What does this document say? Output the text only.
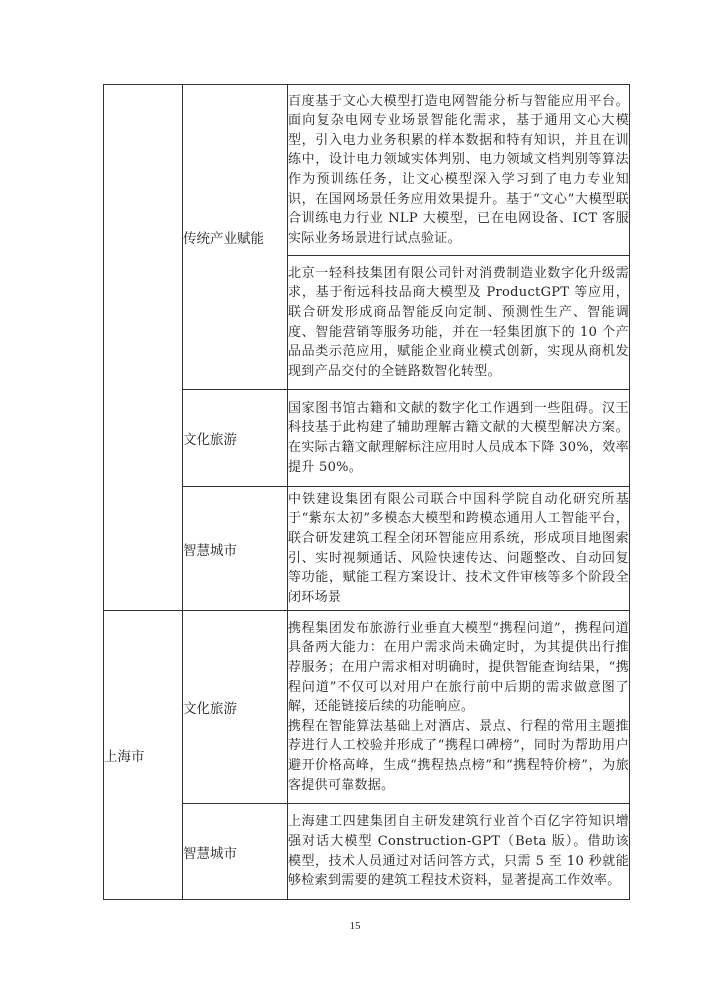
	传统产业赋能	百度基于文心大模型打造电网智能分析与智能应用平台。面向复杂电网专业场景智能化需求，基于通用文心大模型，引入电力业务积累的样本数据和特有知识，并且在训练中，设计电力领域实体判别、电力领域文档判别等算法作为预训练任务，让文心模型深入学习到了电力专业知识，在国网场景任务应用效果提升。基于“文心”大模型联合训练电力行业 NLP 大模型，已在电网设备、ICT 客服实际业务场景进行试点验证。

		北京一轻科技集团有限公司针对消费制造业数字化升级需求，基于衔远科技品商大模型及 ProductGPT 等应用，联合研发形成商品智能反向定制、预测性生产、智能调度、智能营销等服务功能，并在一轻集团旗下的 10 个产品品类示范应用，赋能企业商业模式创新，实现从商机发现到产品交付的全链路数智化转型。

	文化旅游	国家图书馆古籍和文献的数字化工作遇到一些阻碍。汉王科技基于此构建了辅助理解古籍文献的大模型解决方案。在实际古籍文献理解标注应用时人员成本下降 30%，效率提升 50%。

	智慧城市	中铁建设集团有限公司联合中国科学院自动化研究所基于“紫东太初”多模态大模型和跨模态通用人工智能平台，联合研发建筑工程全闭环智能应用系统，形成项目地图索引、实时视频通话、风险快速传达、问题整改、自动回复等功能，赋能工程方案设计、技术文件审核等多个阶段全闭环场景

上海市	文化旅游	携程集团发布旅游行业垂直大模型“携程问道”，携程问道具备两大能力：在用户需求尚未确定时，为其提供出行推荐服务；在用户需求相对明确时，提供智能查询结果，“携程问道”不仅可以对用户在旅行前中后期的需求做意图了解，还能链接后续的功能响应。

携程在智能算法基础上对酒店、景点、行程的常用主题推荐进行人工校验并形成了“携程口碑榜”，同时为帮助用户避开价格高峰，生成“携程热点榜”和“携程特价榜”，为旅客提供可靠数据。

	智慧城市	上海建工四建集团自主研发建筑行业首个百亿字符知识增强对话大模型 Construction-GPT（Beta 版）。借助该模型，技术人员通过对话问答方式，只需 5 至 10 秒就能够检索到需要的建筑工程技术资料，显著提高工作效率。

15
